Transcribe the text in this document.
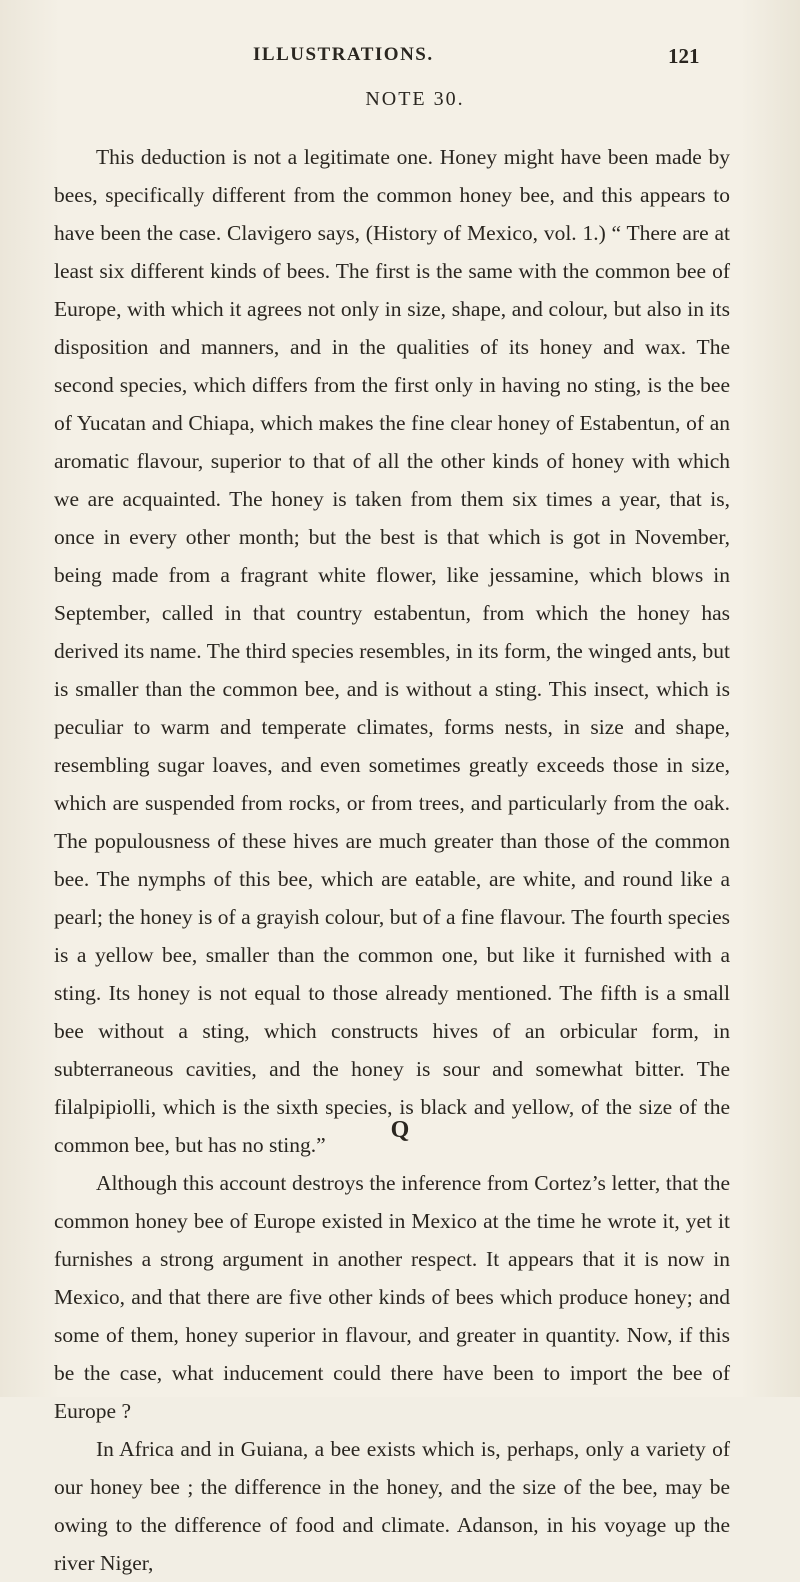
ILLUSTRATIONS.	121
NOTE 30.

This deduction is not a legitimate one. Honey might have been made by bees, specifically different from the common honey bee, and this appears to have been the case. Clavigero says, (History of Mexico, vol. 1.) “ There are at least six different kinds of bees. The first is the same with the common bee of Europe, with which it agrees not only in size, shape, and colour, but also in its disposition and manners, and in the qualities of its honey and wax. The second species, which differs from the first only in having no sting, is the bee of Yucatan and Chiapa, which makes the fine clear honey of Estabentun, of an aromatic flavour, superior to that of all the other kinds of honey with which we are acquainted. The honey is taken from them six times a year, that is, once in every other month; but the best is that which is got in November, being made from a fragrant white flower, like jessamine, which blows in September, called in that country estabentun, from which the honey has derived its name. The third species resembles, in its form, the winged ants, but is smaller than the common bee, and is without a sting. This insect, which is peculiar to warm and temperate climates, forms nests, in size and shape, resembling sugar loaves, and even sometimes greatly exceeds those in size, which are suspended from rocks, or from trees, and particularly from the oak. The populousness of these hives are much greater than those of the common bee. The nymphs of this bee, which are eatable, are white, and round like a pearl; the honey is of a grayish colour, but of a fine flavour. The fourth species is a yellow bee, smaller than the common one, but like it furnished with a sting. Its honey is not equal to those already mentioned. The fifth is a small bee without a sting, which constructs hives of an orbicular form, in subterraneous cavities, and the honey is sour and somewhat bitter. The filalpipiolli, which is the sixth species, is black and yellow, of the size of the common bee, but has no sting.”

Although this account destroys the inference from Cortez’s letter, that the common honey bee of Europe existed in Mexico at the time he wrote it, yet it furnishes a strong argument in another respect. It appears that it is now in Mexico, and that there are five other kinds of bees which produce honey; and some of them, honey superior in flavour, and greater in quantity. Now, if this be the case, what inducement could there have been to import the bee of Europe ?

In Africa and in Guiana, a bee exists which is, perhaps, only a variety of our honey bee ; the difference in the honey, and the size of the bee, may be owing to the difference of food and climate. Adanson, in his voyage up the river Niger,

Q
